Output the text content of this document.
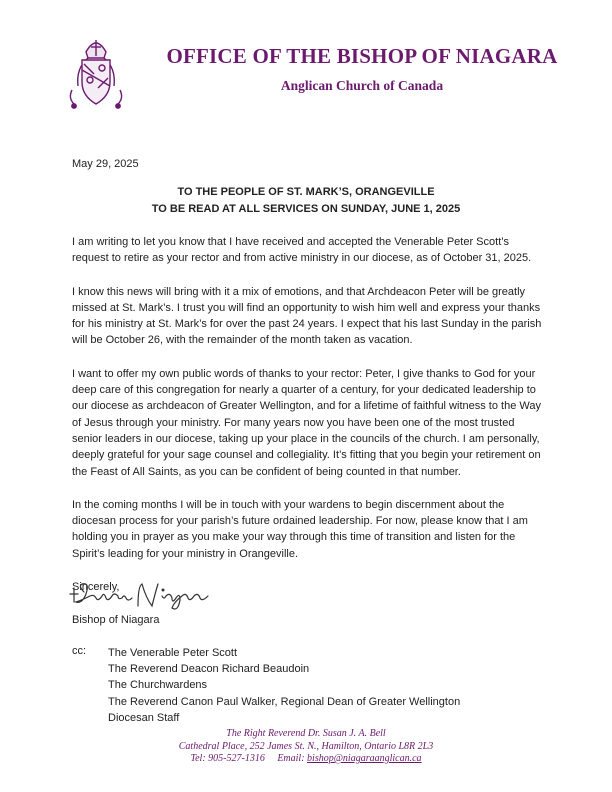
OFFICE OF THE BISHOP OF NIAGARA
Anglican Church of Canada
May 29, 2025
TO THE PEOPLE OF ST. MARK’S, ORANGEVILLE
TO BE READ AT ALL SERVICES ON SUNDAY, JUNE 1, 2025

I am writing to let you know that I have received and accepted the Venerable Peter Scott’s request to retire as your rector and from active ministry in our diocese, as of October 31, 2025.

I know this news will bring with it a mix of emotions, and that Archdeacon Peter will be greatly missed at St. Mark’s. I trust you will find an opportunity to wish him well and express your thanks for his ministry at St. Mark’s for over the past 24 years. I expect that his last Sunday in the parish will be October 26, with the remainder of the month taken as vacation.

I want to offer my own public words of thanks to your rector: Peter, I give thanks to God for your deep care of this congregation for nearly a quarter of a century, for your dedicated leadership to our diocese as archdeacon of Greater Wellington, and for a lifetime of faithful witness to the Way of Jesus through your ministry. For many years now you have been one of the most trusted senior leaders in our diocese, taking up your place in the councils of the church. I am personally, deeply grateful for your sage counsel and collegiality. It’s fitting that you begin your retirement on the Feast of All Saints, as you can be confident of being counted in that number.

In the coming months I will be in touch with your wardens to begin discernment about the diocesan process for your parish’s future ordained leadership. For now, please know that I am holding you in prayer as you make your way through this time of transition and listen for the Spirit’s leading for your ministry in Orangeville.

Sincerely,

Bishop of Niagara
cc: The Venerable Peter Scott
The Reverend Deacon Richard Beaudoin
The Churchwardens
The Reverend Canon Paul Walker, Regional Dean of Greater Wellington
Diocesan Staff
The Right Reverend Dr. Susan J. A. Bell
Cathedral Place, 252 James St. N., Hamilton, Ontario L8R 2L3
Tel: 905-527-1316 Email: bishop@niagaraanglican.ca
